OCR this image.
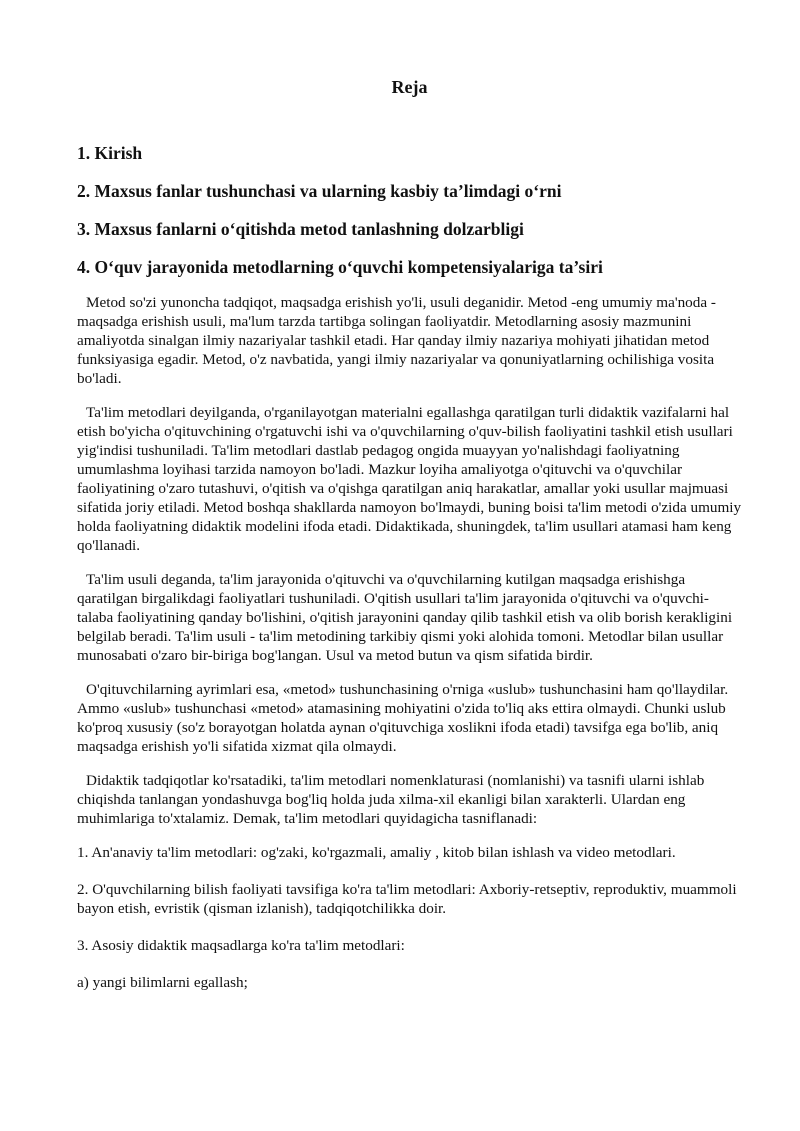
Reja
1. Kirish
2. Maxsus fanlar tushunchasi va ularning kasbiy ta’limdagi o‘rni
3. Maxsus fanlarni o‘qitishda metod tanlashning dolzarbligi
4. O‘quv jarayonida metodlarning o‘quvchi kompetensiyalariga ta’siri

Metod so'zi yunoncha tadqiqot, maqsadga erishish yo'li, usuli deganidir. Metod -eng umumiy ma'noda - maqsadga erishish usuli, ma'lum tarzda tartibga solingan faoliyatdir. Metodlarning asosiy mazmunini amaliyotda sinalgan ilmiy nazariyalar tashkil etadi. Har qanday ilmiy nazariya mohiyati jihatidan metod funksiyasiga egadir. Metod, o'z navbatida, yangi ilmiy nazariyalar va qonuniyatlarning ochilishiga vosita bo'ladi.

Ta'lim metodlari deyilganda, o'rganilayotgan materialni egallashga qaratilgan turli didaktik vazifalarni hal etish bo'yicha o'qituvchining o'rgatuvchi ishi va o'quvchilarning o'quv-bilish faoliyatini tashkil etish usullari yig'indisi tushuniladi. Ta'lim metodlari dastlab pedagog ongida muayyan yo'nalishdagi faoliyatning umumlashma loyihasi tarzida namoyon bo'ladi. Mazkur loyiha amaliyotga o'qituvchi va o'quvchilar faoliyatining o'zaro tutashuvi, o'qitish va o'qishga qaratilgan aniq harakatlar, amallar yoki usullar majmuasi sifatida joriy etiladi. Metod boshqa shakllarda namoyon bo'lmaydi, buning boisi ta'lim metodi o'zida umumiy holda faoliyatning didaktik modelini ifoda etadi. Didaktikada, shuningdek, ta'lim usullari atamasi ham keng qo'llanadi.

Ta'lim usuli deganda, ta'lim jarayonida o'qituvchi va o'quvchilarning kutilgan maqsadga erishishga qaratilgan birgalikdagi faoliyatlari tushuniladi. O'qitish usullari ta'lim jarayonida o'qituvchi va o'quvchi- talaba faoliyatining qanday bo'lishini, o'qitish jarayonini qanday qilib tashkil etish va olib borish kerakligini belgilab beradi. Ta'lim usuli - ta'lim metodining tarkibiy qismi yoki alohida tomoni. Metodlar bilan usullar munosabati o'zaro bir-biriga bog'langan. Usul va metod butun va qism sifatida birdir.

O'qituvchilarning ayrimlari esa, «metod» tushunchasining o'rniga «uslub» tushunchasini ham qo'llaydilar. Ammo «uslub» tushunchasi «metod» atamasining mohiyatini o'zida to'liq aks ettira olmaydi. Chunki uslub ko'proq xususiy (so'z borayotgan holatda aynan o'qituvchiga xoslikni ifoda etadi) tavsifga ega bo'lib, aniq maqsadga erishish yo'li sifatida xizmat qila olmaydi.

Didaktik tadqiqotlar ko'rsatadiki, ta'lim metodlari nomenklaturasi (nomlanishi) va tasnifi ularni ishlab chiqishda tanlangan yondashuvga bog'liq holda juda xilma-xil ekanligi bilan xarakterli. Ulardan eng muhimlariga to'xtalamiz. Demak, ta'lim metodlari quyidagicha tasniflanadi:

1. An'anaviy ta'lim metodlari: og'zaki, ko'rgazmali, amaliy , kitob bilan ishlash va video metodlari.

2. O'quvchilarning bilish faoliyati tavsifiga ko'ra ta'lim metodlari: Axboriy-retseptiv, reproduktiv, muammoli bayon etish, evristik (qisman izlanish), tadqiqotchilikka doir.

3. Asosiy didaktik maqsadlarga ko'ra ta'lim metodlari:

a) yangi bilimlarni egallash;
